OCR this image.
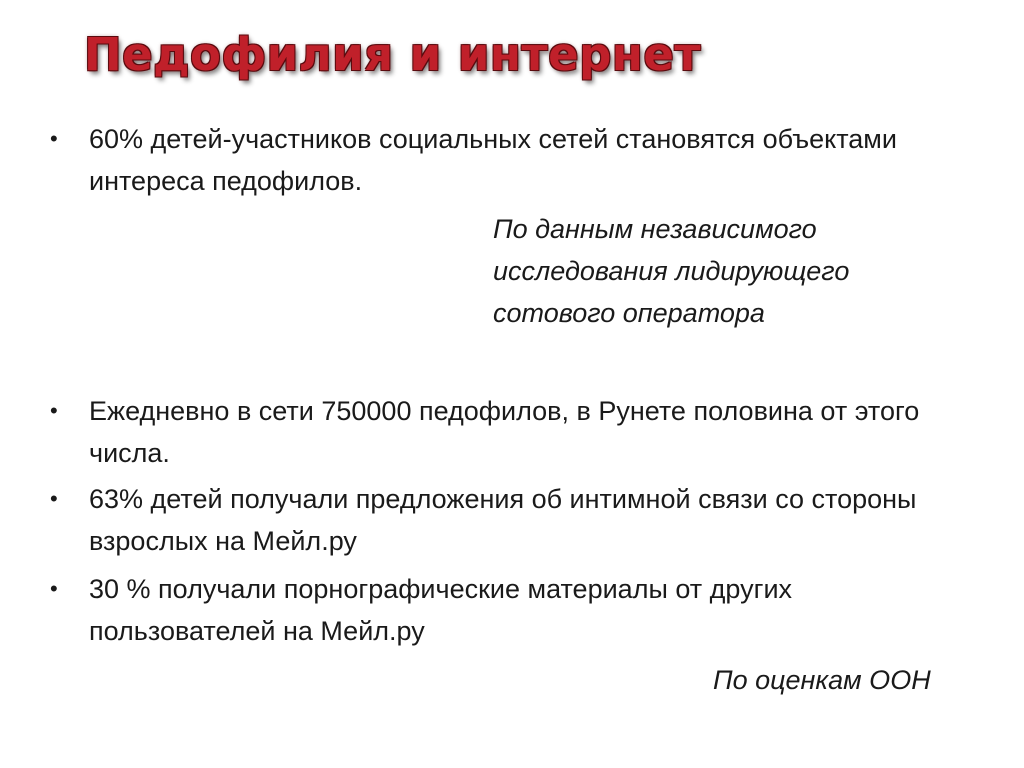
Педофилия и интернет
•	60% детей-участников социальных сетей становятся объектами интереса педофилов.
По данным независимого исследования лидирующего сотового оператора
•	Ежедневно в сети 750000 педофилов, в Рунете половина от этого числа.
•	63% детей получали предложения об интимной связи со стороны взрослых на Мейл.ру
•	30 % получали порнографические материалы от других пользователей на Мейл.ру
По оценкам ООН
